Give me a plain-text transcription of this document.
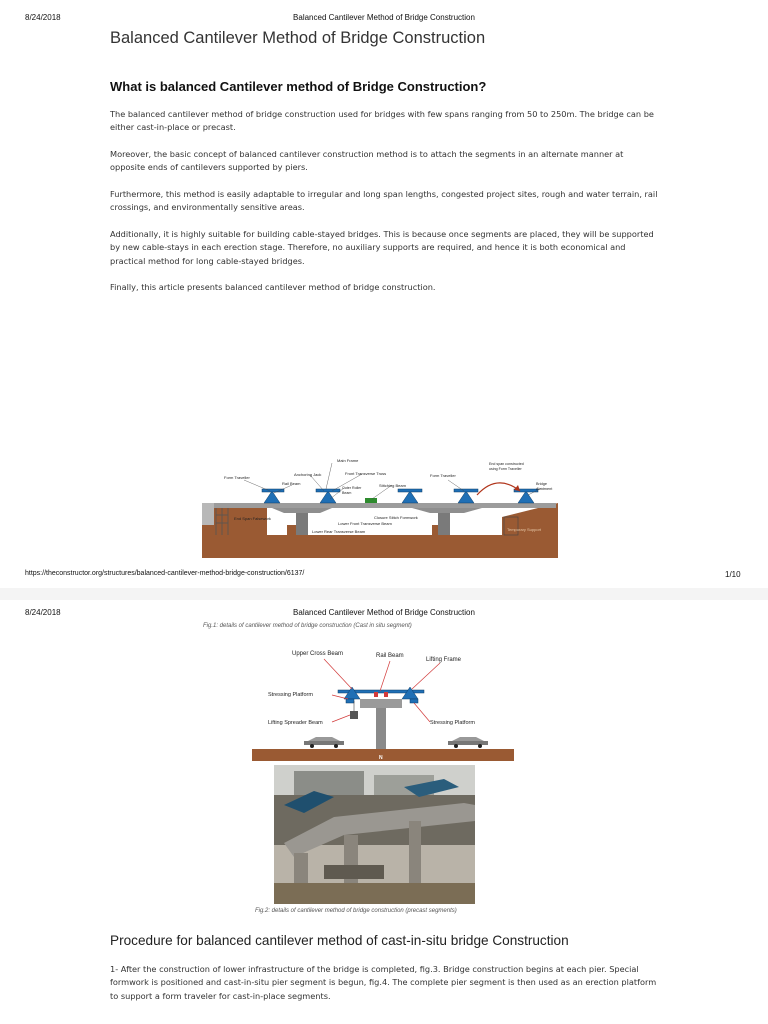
8/24/2018	Balanced Cantilever Method of Bridge Construction
Balanced Cantilever Method of Bridge Construction
What is balanced Cantilever method of Bridge Construction?
The balanced cantilever method of bridge construction used for bridges with few spans ranging from 50 to 250m. The bridge can be either cast-in-place or precast.
Moreover, the basic concept of balanced cantilever construction method is to attach the segments in an alternate manner at opposite ends of cantilevers supported by piers.
Furthermore, this method is easily adaptable to irregular and long span lengths, congested project sites, rough and water terrain, rail crossings, and environmentally sensitive areas.
Additionally, it is highly suitable for building cable-stayed bridges. This is because once segments are placed, they will be supported by new cable-stays in each erection stage. Therefore, no auxiliary supports are required, and hence it is both economical and practical method for long cable-stayed bridges.
Finally, this article presents balanced cantilever method of bridge construction.
Main Frame
Anchoring Jack	Front Transverse Truss
Form Traveller
Rail Beam
Outer Roller
Beam
Stitching Beam
Form Traveller
End span constructed
using Form Traveller
Bridge
Abutment
End Span Falsework	Closure Stitch Formwork
Lower Front Transverse Beam
Lower Rear Transverse Beam	Temporary Support
https://theconstructor.org/structures/balanced-cantilever-method-bridge-construction/6137/	1/10
8/24/2018	Balanced Cantilever Method of Bridge Construction
Fig.1: details of cantilever method of bridge construction (Cast in situ segment)
N
Upper Cross Beam	Rail Beam
Lifting Frame
Stressing Platform
Lifting Spreader Beam	Stressing Platform
Fig.2: details of cantilever method of bridge construction (precast segments)
Procedure for balanced cantilever method of cast-in-situ bridge Construction
1- After the construction of lower infrastructure of the bridge is completed, fig.3. Bridge construction begins at each pier. Special formwork is positioned and cast-in-situ pier segment is begun, fig.4. The complete pier segment is then used as an erection platform to support a form traveler for cast-in-place segments.
